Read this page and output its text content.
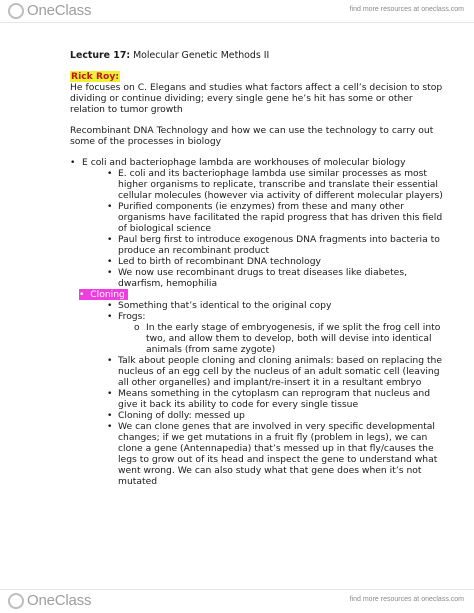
OneClass	find more resources at oneclass.com

Lecture 17: Molecular Genetic Methods II

Rick Roy:

He focuses on C. Elegans and studies what factors affect a cell’s decision to stop dividing or continue dividing; every single gene he’s hit has some or other relation to tumor growth

Recombinant DNA Technology and how we can use the technology to carry out some of the processes in biology

• E coli and bacteriophage lambda are workhouses of molecular biology
• E. coli and its bacteriophage lambda use similar processes as most higher organisms to replicate, transcribe and translate their essential cellular molecules (however via activity of different molecular players)
• Purified components (ie enzymes) from these and many other organisms have facilitated the rapid progress that has driven this field of biological science
• Paul berg first to introduce exogenous DNA fragments into bacteria to produce an recombinant product
• Led to birth of recombinant DNA technology
• We now use recombinant drugs to treat diseases like diabetes, dwarfism, hemophilia
• Cloning
• Something that’s identical to the original copy
• Frogs:
o In the early stage of embryogenesis, if we split the frog cell into two, and allow them to develop, both will devise into identical animals (from same zygote)
• Talk about people cloning and cloning animals: based on replacing the nucleus of an egg cell by the nucleus of an adult somatic cell (leaving all other organelles) and implant/re-insert it in a resultant embryo
• Means something in the cytoplasm can reprogram that nucleus and give it back its ability to code for every single tissue
• Cloning of dolly: messed up
• We can clone genes that are involved in very specific developmental changes; if we get mutations in a fruit fly (problem in legs), we can clone a gene (Antennapedia) that’s messed up in that fly/causes the legs to grow out of its head and inspect the gene to understand what went wrong. We can also study what that gene does when it’s not mutated
OneClass	find more resources at oneclass.com
